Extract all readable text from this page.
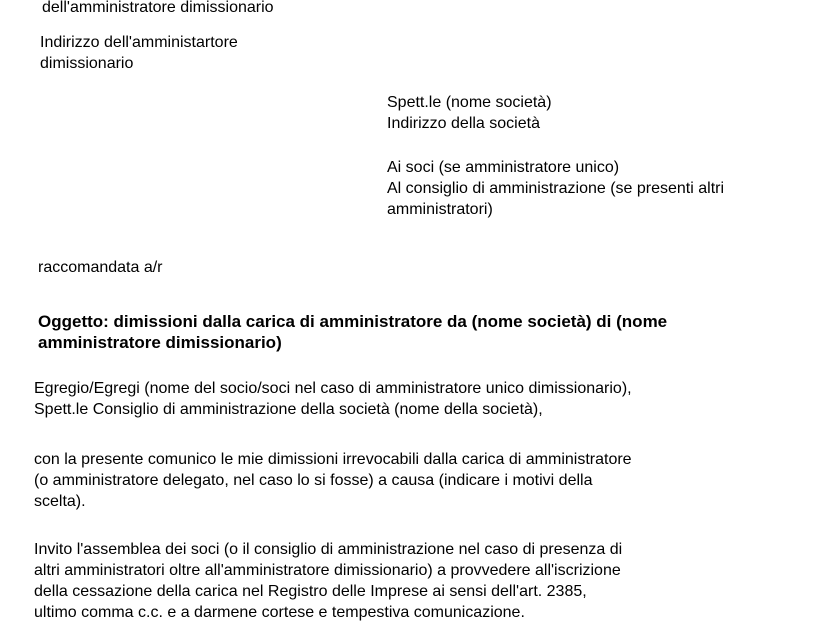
dell'amministratore dimissionario
Indirizzo dell'amministartore
dimissionario
Spett.le (nome società)
Indirizzo della società
Ai soci (se amministratore unico)
Al consiglio di amministrazione (se presenti altri
amministratori)
raccomandata a/r
Oggetto: dimissioni dalla carica di amministratore da (nome società) di (nome
amministratore dimissionario)
Egregio/Egregi (nome del socio/soci nel caso di amministratore unico dimissionario),
Spett.le Consiglio di amministrazione della società (nome della società),
con la presente comunico le mie dimissioni irrevocabili dalla carica di amministratore
(o amministratore delegato, nel caso lo si fosse) a causa (indicare i motivi della
scelta).
Invito l'assemblea dei soci (o il consiglio di amministrazione nel caso di presenza di
altri amministratori oltre all'amministratore dimissionario) a provvedere all'iscrizione
della cessazione della carica nel Registro delle Imprese ai sensi dell'art. 2385,
ultimo comma c.c. e a darmene cortese e tempestiva comunicazione.
